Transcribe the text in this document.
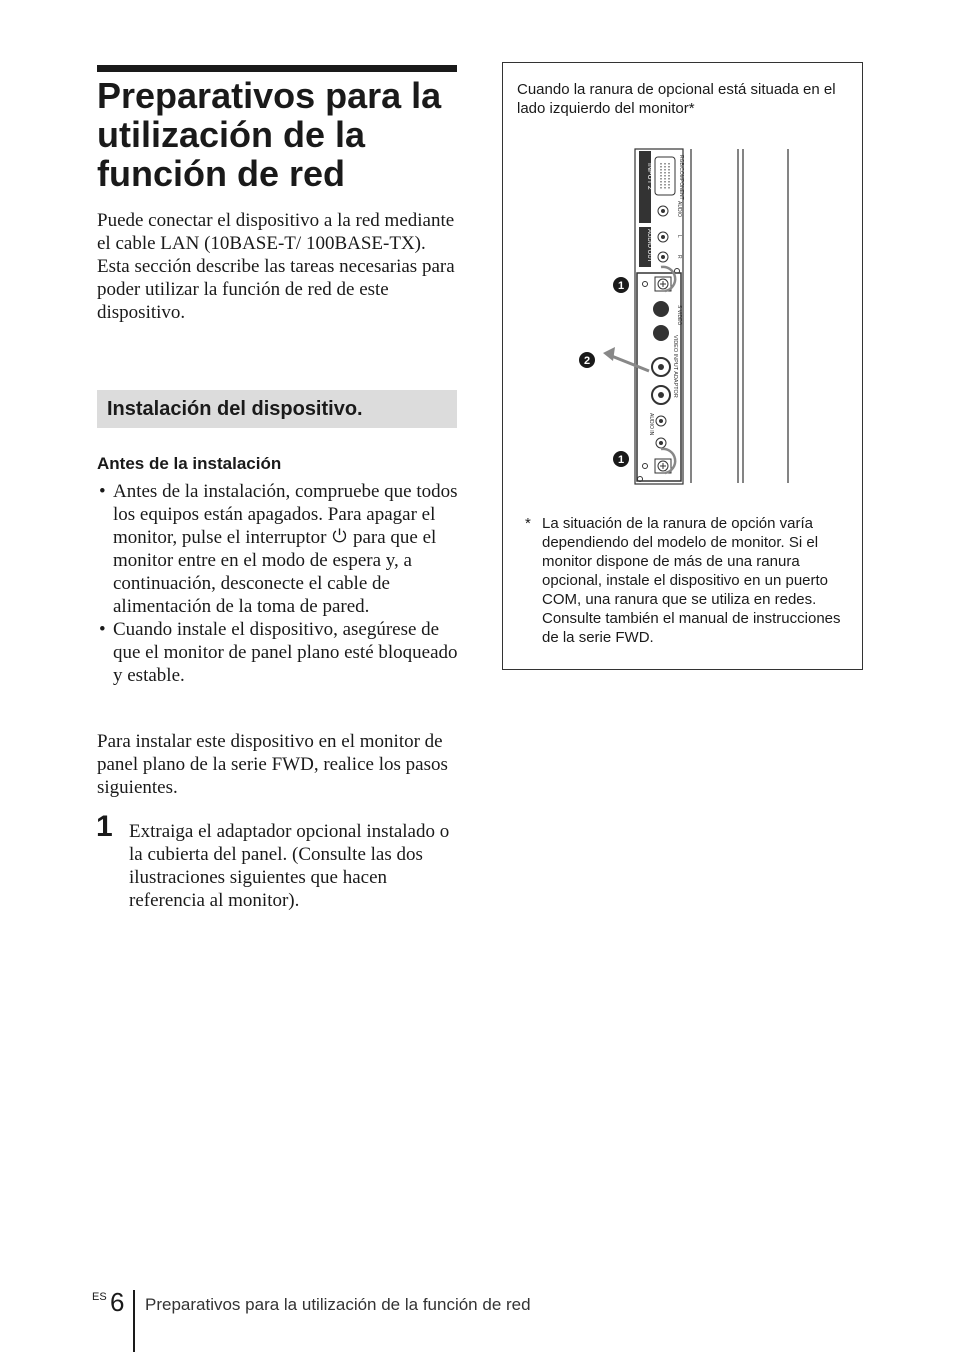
Preparativos para la utilización de la función de red

Puede conectar el dispositivo a la red mediante el cable LAN (10BASE-T/ 100BASE-TX).

Esta sección describe las tareas necesarias para poder utilizar la función de red de este dispositivo.

Instalación del dispositivo.
Antes de la instalación
• Antes de la instalación, compruebe que todos los equipos están apagados. Para apagar el monitor, pulse el interruptor para que el monitor entre en el modo de espera y, a continuación, desconecte el cable de alimentación de la toma de pared.
• Cuando instale el dispositivo, asegúrese de que el monitor de panel plano esté bloqueado y estable.

Para instalar este dispositivo en el monitor de panel plano de la serie FWD, realice los pasos siguientes.

1 Extraiga el adaptador opcional instalado o la cubierta del panel. (Consulte las dos ilustraciones siguientes que hacen referencia al monitor).

Cuando la ranura de opcional está situada en el lado izquierdo del monitor*

INPUT 2	RGB/COMPONENT
AUDIO
AUDIO OUT	L
R
S VIDEO
VIDEO INPUT ADAPTOR
AUDIO IN
1
2
1

* La situación de la ranura de opción varía dependiendo del modelo de monitor. Si el monitor dispone de más de una ranura opcional, instale el dispositivo en un puerto COM, una ranura que se utiliza en redes. Consulte también el manual de instrucciones de la serie FWD.

ES 6 Preparativos para la utilización de la función de red
